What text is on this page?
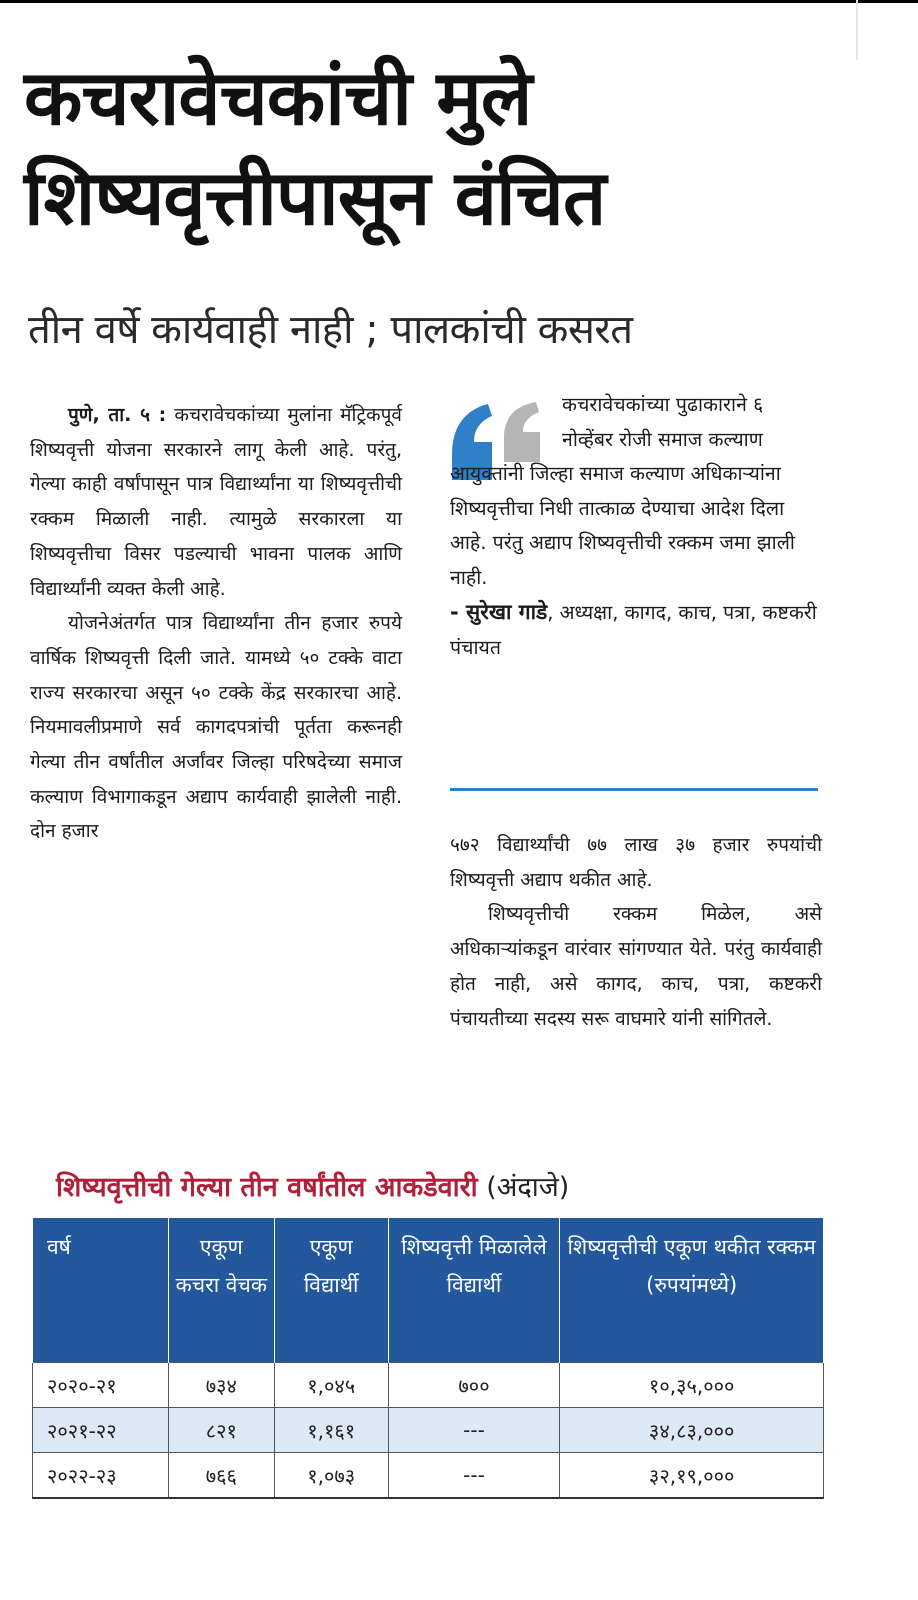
कचरावेचकांची मुले
शिष्यवृत्तीपासून वंचित
तीन वर्षे कार्यवाही नाही ; पालकांची कसरत

पुणे, ता. ५ : कचरावेचकांच्या मुलांना मॅट्रिकपूर्व शिष्यवृत्ती योजना सरकारने लागू केली आहे. परंतु, गेल्या काही वर्षांपासून पात्र विद्यार्थ्यांना या शिष्यवृत्तीची रक्कम मिळाली नाही. त्यामुळे सरकारला या शिष्यवृत्तीचा विसर पडल्याची भावना पालक आणि विद्यार्थ्यांनी व्यक्त केली आहे.

योजनेअंतर्गत पात्र विद्यार्थ्यांना तीन हजार रुपये वार्षिक शिष्यवृत्ती दिली जाते. यामध्ये ५० टक्के वाटा राज्य सरकारचा असून ५० टक्के केंद्र सरकारचा आहे. नियमावलीप्रमाणे सर्व कागदपत्रांची पूर्तता करूनही गेल्या तीन वर्षांतील अर्जांवर जिल्हा परिषदेच्या समाज कल्याण विभागाकडून अद्याप कार्यवाही झालेली नाही. दोन हजार

कचरावेचकांच्या पुढाकाराने ६ नोव्हेंबर रोजी समाज कल्याण
आयुक्तांनी जिल्हा समाज कल्याण अधिकाऱ्यांना शिष्यवृत्तीचा निधी तात्काळ देण्याचा आदेश दिला आहे. परंतु अद्याप शिष्यवृत्तीची रक्कम जमा झाली नाही.
- सुरेखा गाडे, अध्यक्षा, कागद, काच, पत्रा, कष्टकरी पंचायत

५७२ विद्यार्थ्यांची ७७ लाख ३७ हजार रुपयांची शिष्यवृत्ती अद्याप थकीत आहे.

शिष्यवृत्तीची रक्कम मिळेल, असे अधिकाऱ्यांकडून वारंवार सांगण्यात येते. परंतु कार्यवाही होत नाही, असे कागद, काच, पत्रा, कष्टकरी पंचायतीच्या सदस्य सरू वाघमारे यांनी सांगितले.

शिष्यवृत्तीची गेल्या तीन वर्षांतील आकडेवारी (अंदाजे)
वर्ष	एकूण कचरा वेचक	एकूण विद्यार्थी	शिष्यवृत्ती मिळालेले विद्यार्थी	शिष्यवृत्तीची एकूण थकीत रक्कम (रुपयांमध्ये)
२०२०-२१	७३४	१,०४५	७००	१०,३५,०००
२०२१-२२	८२१	१,१६१	---	३४,८३,०००
२०२२-२३	७६६	१,०७३	---	३२,१९,०००
